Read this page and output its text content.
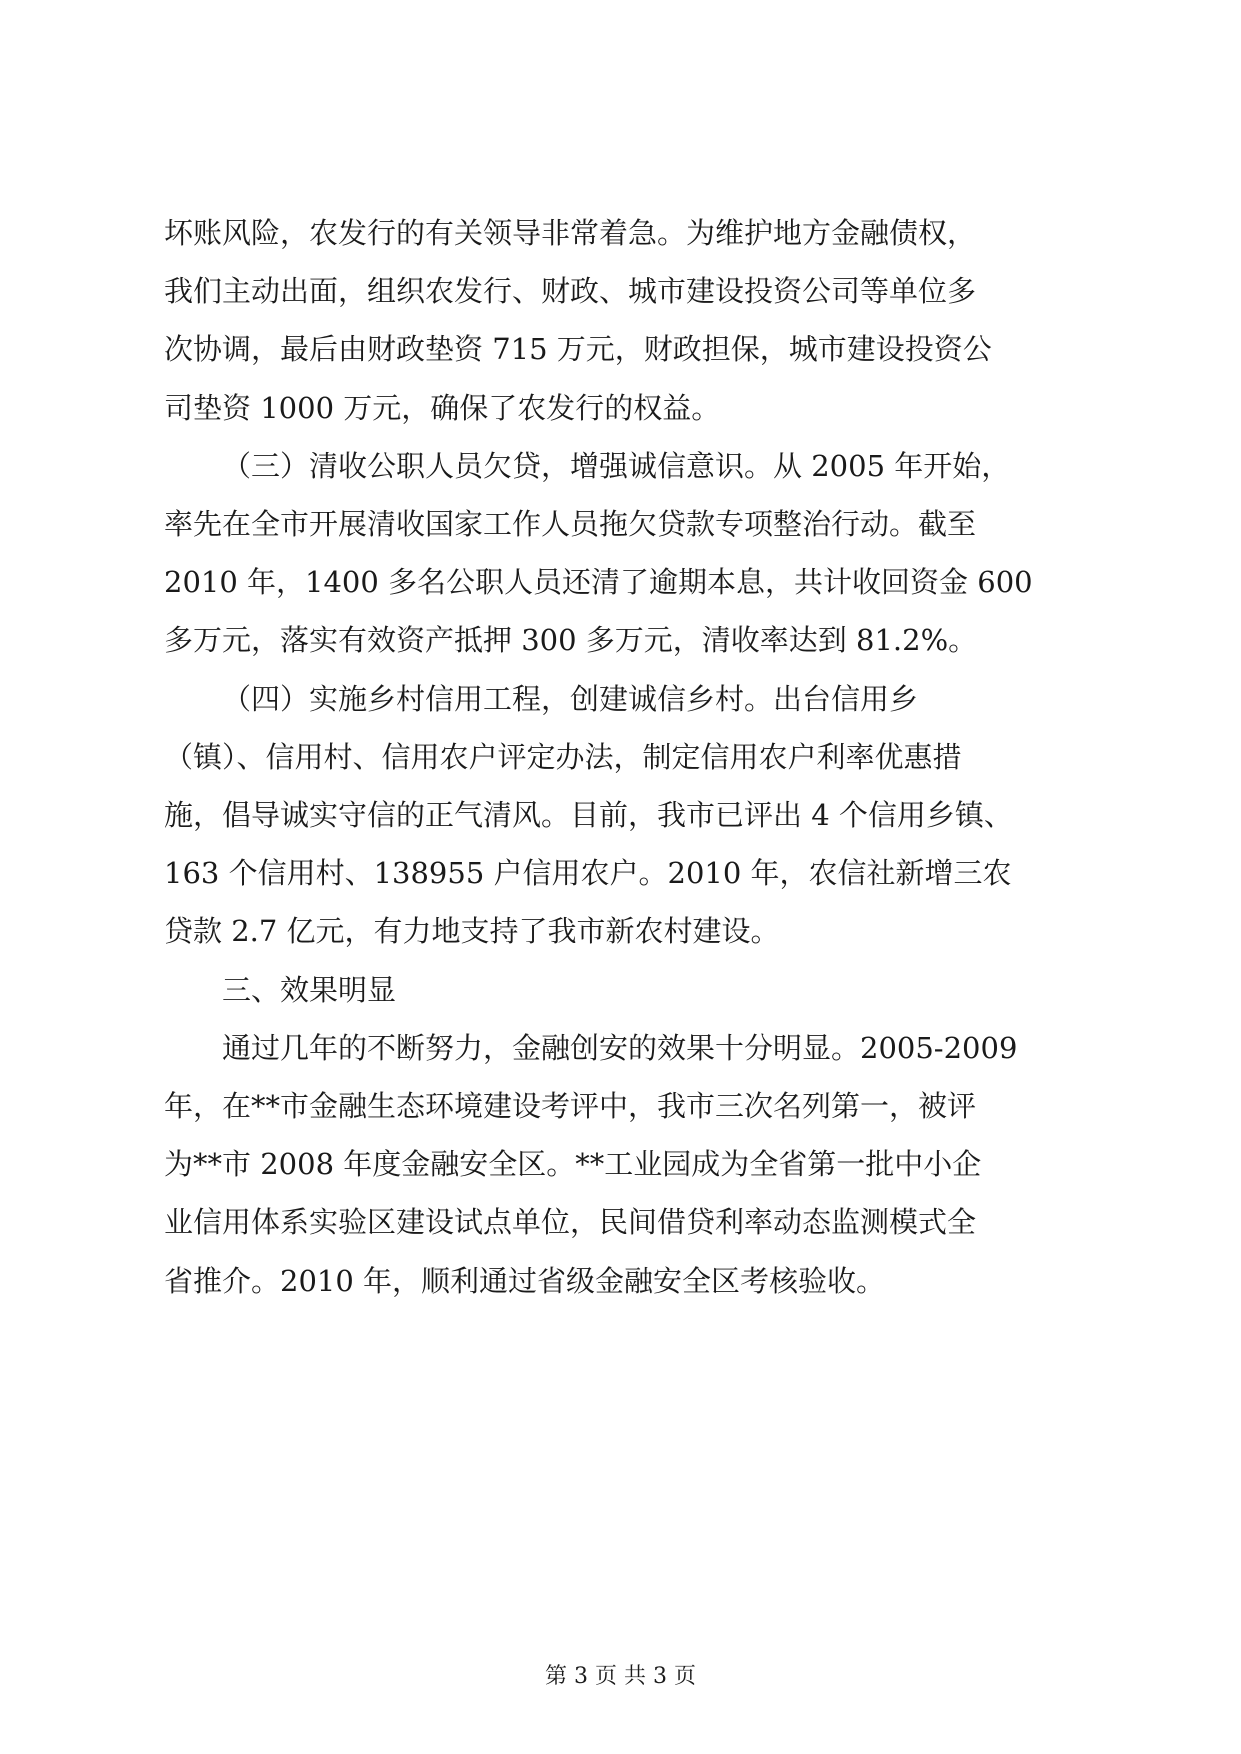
坏账风险，农发行的有关领导非常着急。为维护地方金融债权，

我们主动出面，组织农发行、财政、城市建设投资公司等单位多

次协调，最后由财政垫资 715 万元，财政担保，城市建设投资公

司垫资 1000 万元，确保了农发行的权益。

（三）清收公职人员欠贷，增强诚信意识。从 2005 年开始，

率先在全市开展清收国家工作人员拖欠贷款专项整治行动。截至

2010 年，1400 多名公职人员还清了逾期本息，共计收回资金 600

多万元，落实有效资产抵押 300 多万元，清收率达到 81.2%。

（四）实施乡村信用工程，创建诚信乡村。出台信用乡

（镇）、信用村、信用农户评定办法，制定信用农户利率优惠措

施，倡导诚实守信的正气清风。目前，我市已评出 4 个信用乡镇、

163 个信用村、138955 户信用农户。2010 年，农信社新增三农

贷款 2.7 亿元，有力地支持了我市新农村建设。

三、效果明显

通过几年的不断努力，金融创安的效果十分明显。2005-2009

年，在**市金融生态环境建设考评中，我市三次名列第一，被评

为**市 2008 年度金融安全区。**工业园成为全省第一批中小企

业信用体系实验区建设试点单位，民间借贷利率动态监测模式全

省推介。2010 年，顺利通过省级金融安全区考核验收。

第 3 页 共 3 页
